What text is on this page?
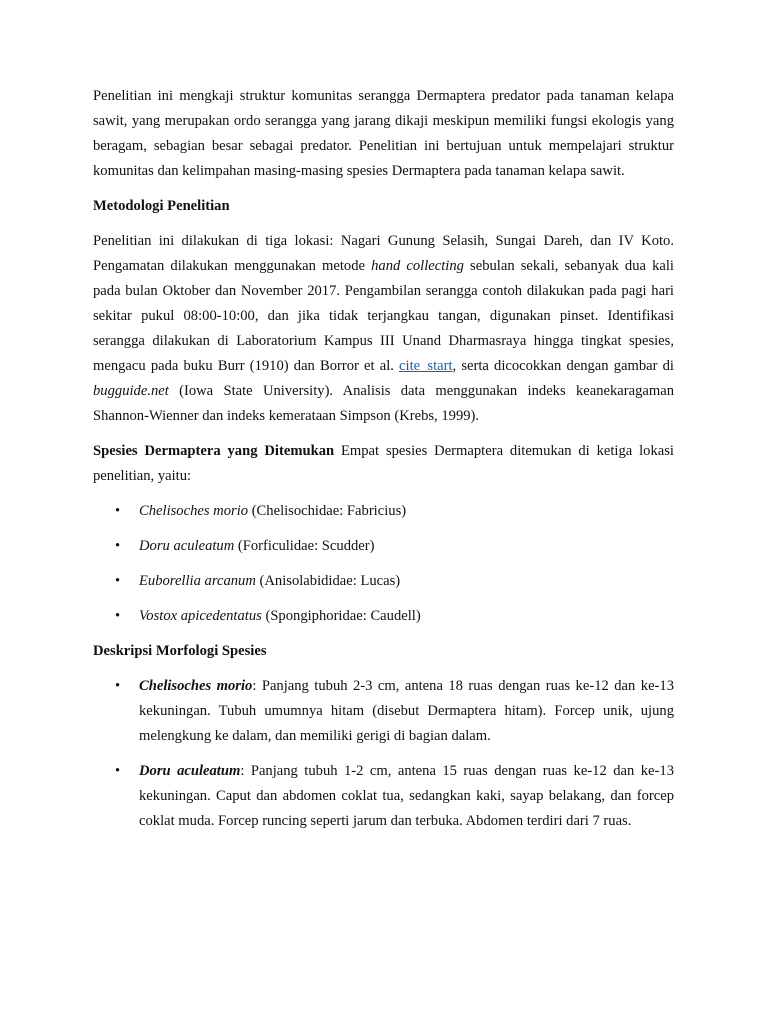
Penelitian ini mengkaji struktur komunitas serangga Dermaptera predator pada tanaman kelapa sawit, yang merupakan ordo serangga yang jarang dikaji meskipun memiliki fungsi ekologis yang beragam, sebagian besar sebagai predator. Penelitian ini bertujuan untuk mempelajari struktur komunitas dan kelimpahan masing-masing spesies Dermaptera pada tanaman kelapa sawit.

Metodologi Penelitian

Penelitian ini dilakukan di tiga lokasi: Nagari Gunung Selasih, Sungai Dareh, dan IV Koto. Pengamatan dilakukan menggunakan metode hand collecting sebulan sekali, sebanyak dua kali pada bulan Oktober dan November 2017. Pengambilan serangga contoh dilakukan pada pagi hari sekitar pukul 08:00-10:00, dan jika tidak terjangkau tangan, digunakan pinset. Identifikasi serangga dilakukan di Laboratorium Kampus III Unand Dharmasraya hingga tingkat spesies, mengacu pada buku Burr (1910) dan Borror et al. cite_start, serta dicocokkan dengan gambar di bugguide.net (Iowa State University). Analisis data menggunakan indeks keanekaragaman Shannon-Wienner dan indeks kemerataan Simpson (Krebs, 1999).

Spesies Dermaptera yang Ditemukan Empat spesies Dermaptera ditemukan di ketiga lokasi penelitian, yaitu:

• Chelisoches morio (Chelisochidae: Fabricius)
• Doru aculeatum (Forficulidae: Scudder)
• Euborellia arcanum (Anisolabididae: Lucas)
• Vostox apicedentatus (Spongiphoridae: Caudell)
Deskripsi Morfologi Spesies
• Chelisoches morio: Panjang tubuh 2-3 cm, antena 18 ruas dengan ruas ke-12 dan ke-13 kekuningan. Tubuh umumnya hitam (disebut Dermaptera hitam). Forcep unik, ujung melengkung ke dalam, dan memiliki gerigi di bagian dalam.
• Doru aculeatum: Panjang tubuh 1-2 cm, antena 15 ruas dengan ruas ke-12 dan ke-13 kekuningan. Caput dan abdomen coklat tua, sedangkan kaki, sayap belakang, dan forcep coklat muda. Forcep runcing seperti jarum dan terbuka. Abdomen terdiri dari 7 ruas.
